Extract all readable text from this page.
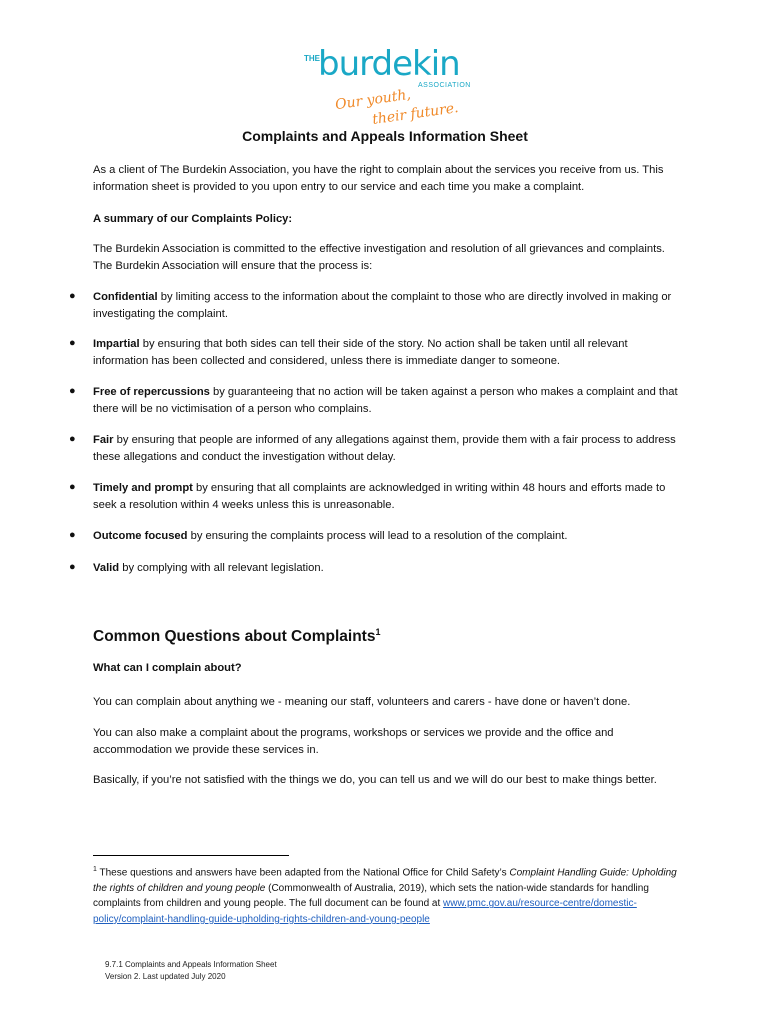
THE
burdekin
ASSOCIATION
Our youth,
their future.
Complaints and Appeals Information Sheet

As a client of The Burdekin Association, you have the right to complain about the services you receive from us. This information sheet is provided to you upon entry to our service and each time you make a complaint.

A summary of our Complaints Policy:

The Burdekin Association is committed to the effective investigation and resolution of all grievances and complaints. The Burdekin Association will ensure that the process is:

● Confidential by limiting access to the information about the complaint to those who are directly involved in making or investigating the complaint.

● Impartial by ensuring that both sides can tell their side of the story. No action shall be taken until all relevant information has been collected and considered, unless there is immediate danger to someone.

● Free of repercussions by guaranteeing that no action will be taken against a person who makes a complaint and that there will be no victimisation of a person who complains.

● Fair by ensuring that people are informed of any allegations against them, provide them with a fair process to address these allegations and conduct the investigation without delay.

● Timely and prompt by ensuring that all complaints are acknowledged in writing within 48 hours and efforts made to seek a resolution within 4 weeks unless this is unreasonable.

● Outcome focused by ensuring the complaints process will lead to a resolution of the complaint.

● Valid by complying with all relevant legislation.

Common Questions about Complaints$^1$
What can I complain about?

You can complain about anything we - meaning our staff, volunteers and carers - have done or haven’t done.

You can also make a complaint about the programs, workshops or services we provide and the office and accommodation we provide these services in.

Basically, if you’re not satisfied with the things we do, you can tell us and we will do our best to make things better.

$^1$ These questions and answers have been adapted from the National Office for Child Safety’s Complaint Handling Guide: Upholding the rights of children and young people (Commonwealth of Australia, 2019), which sets the nation-wide standards for handling complaints from children and young people. The full document can be found at www.pmc.gov.au/resource-centre/domestic-policy/complaint-handling-guide-upholding-rights-children-and-young-people
9.7.1 Complaints and Appeals Information Sheet
Version 2. Last updated July 2020
